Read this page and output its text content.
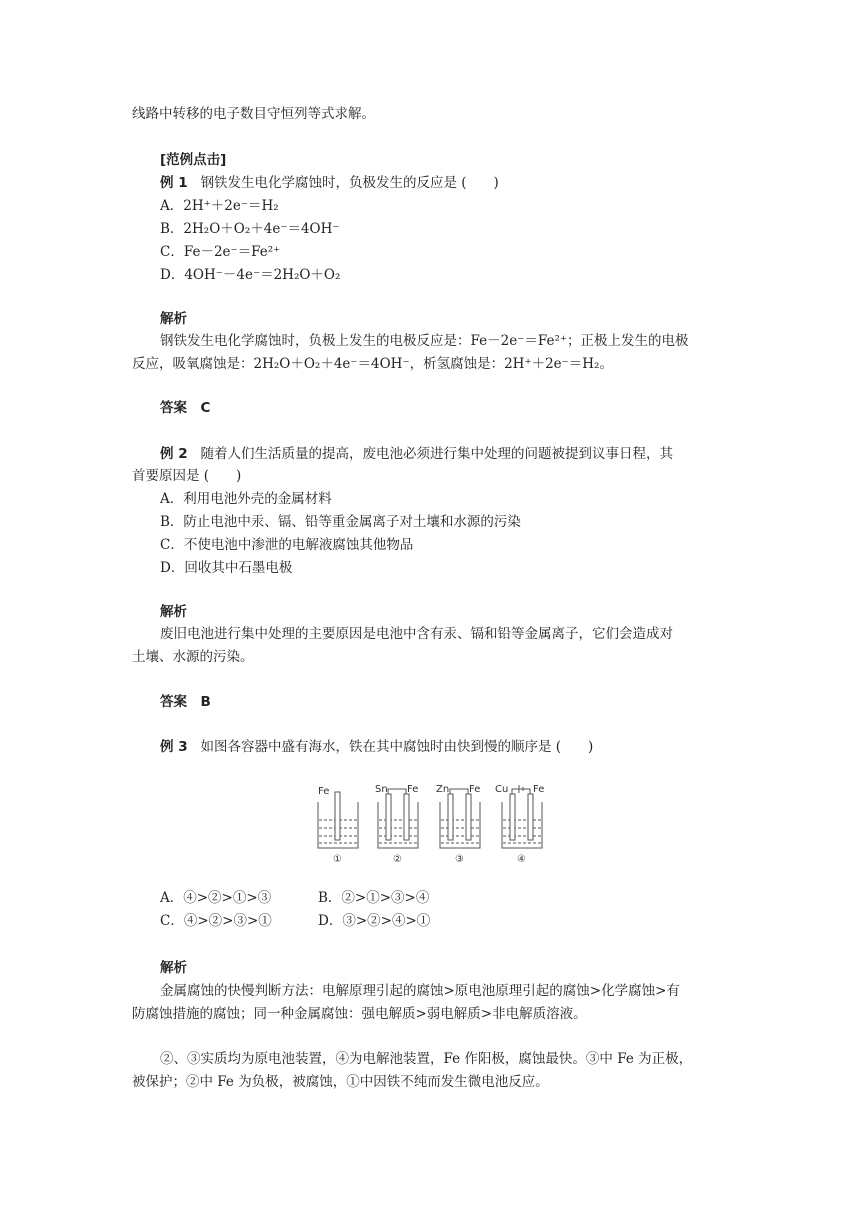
线路中转移的电子数目守恒列等式求解。
[范例点击]
例 1 钢铁发生电化学腐蚀时，负极发生的反应是 (　　)
A．2H⁺＋2e⁻＝H₂
B．2H₂O＋O₂＋4e⁻＝4OH⁻
C．Fe－2e⁻＝Fe²⁺
D．4OH⁻－4e⁻＝2H₂O＋O₂
解析
钢铁发生电化学腐蚀时，负极上发生的电极反应是：Fe－2e⁻＝Fe²⁺；正极上发生的电极
反应，吸氧腐蚀是：2H₂O＋O₂＋4e⁻＝4OH⁻，析氢腐蚀是：2H⁺＋2e⁻＝H₂。
答案　C
例 2 随着人们生活质量的提高，废电池必须进行集中处理的问题被提到议事日程，其
首要原因是 (　　)
A．利用电池外壳的金属材料
B．防止电池中汞、镉、铅等重金属离子对土壤和水源的污染
C．不使电池中渗泄的电解液腐蚀其他物品
D．回收其中石墨电极
解析
废旧电池进行集中处理的主要原因是电池中含有汞、镉和铅等金属离子，它们会造成对
土壤、水源的污染。
答案　B
例 3 如图各容器中盛有海水，铁在其中腐蚀时由快到慢的顺序是 (　　)
Fe
①
Sn Fe
②
Zn Fe
③
Cu Fe
④
A．④>②>①>③	B．②>①>③>④
C．④>②>③>①	D．③>②>④>①
解析
金属腐蚀的快慢判断方法：电解原理引起的腐蚀>原电池原理引起的腐蚀>化学腐蚀>有
防腐蚀措施的腐蚀；同一种金属腐蚀：强电解质>弱电解质>非电解质溶液。
②、③实质均为原电池装置，④为电解池装置，Fe 作阳极，腐蚀最快。③中 Fe 为正极，
被保护；②中 Fe 为负极，被腐蚀，①中因铁不纯而发生微电池反应。
